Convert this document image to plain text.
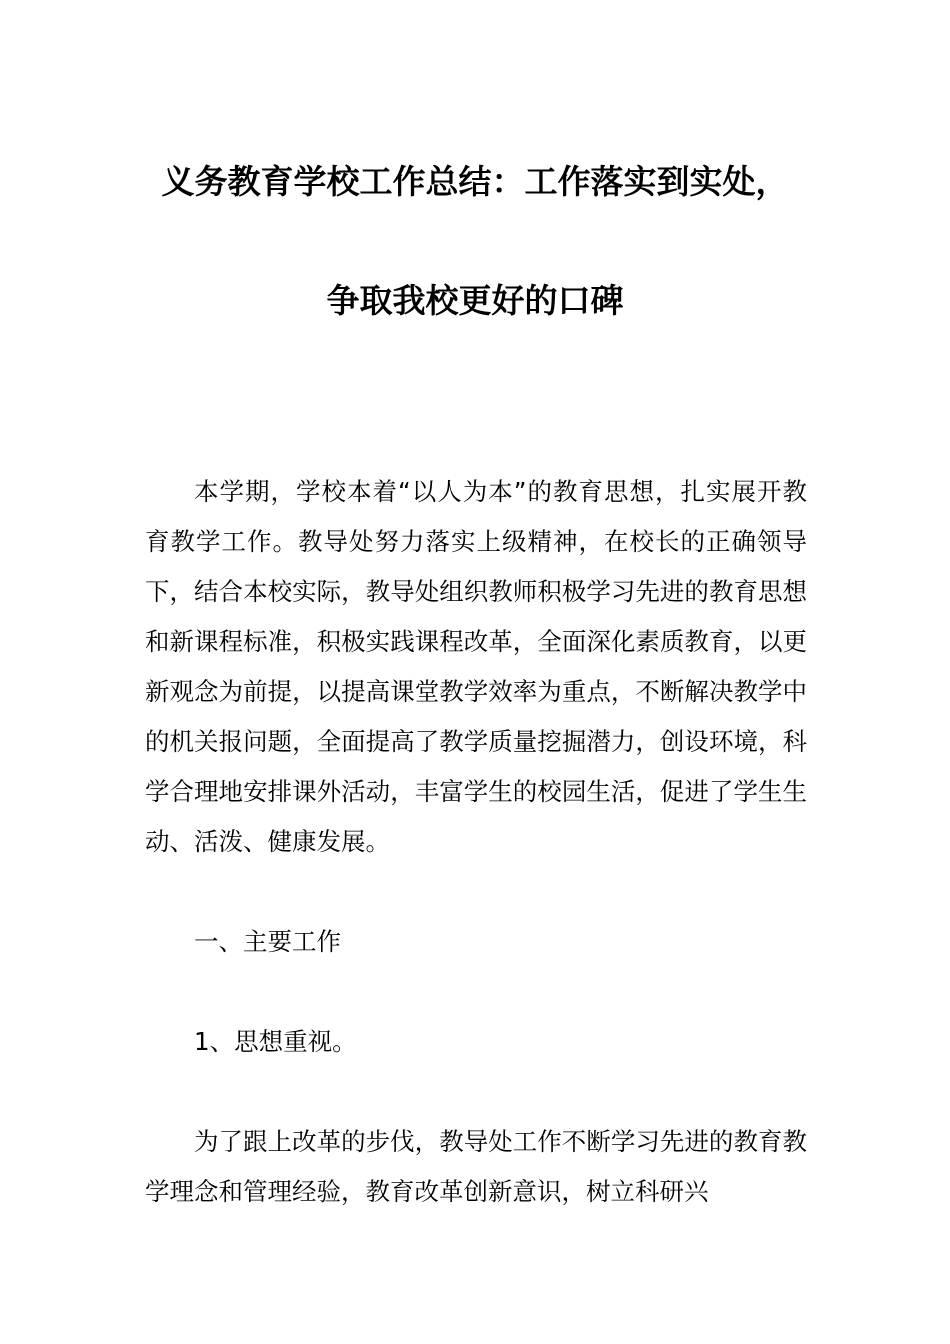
义务教育学校工作总结：工作落实到实处，
争取我校更好的口碑

本学期，学校本着“以人为本”的教育思想，扎实展开教育教学工作。教导处努力落实上级精神，在校长的正确领导下，结合本校实际，教导处组织教师积极学习先进的教育思想和新课程标准，积极实践课程改革，全面深化素质教育，以更新观念为前提，以提高课堂教学效率为重点，不断解决教学中的机关报问题，全面提高了教学质量挖掘潜力，创设环境，科学合理地安排课外活动，丰富学生的校园生活，促进了学生生动、活泼、健康发展。

一、主要工作

1、思想重视。

为了跟上改革的步伐，教导处工作不断学习先进的教育教学理念和管理经验，教育改革创新意识，树立科研兴
